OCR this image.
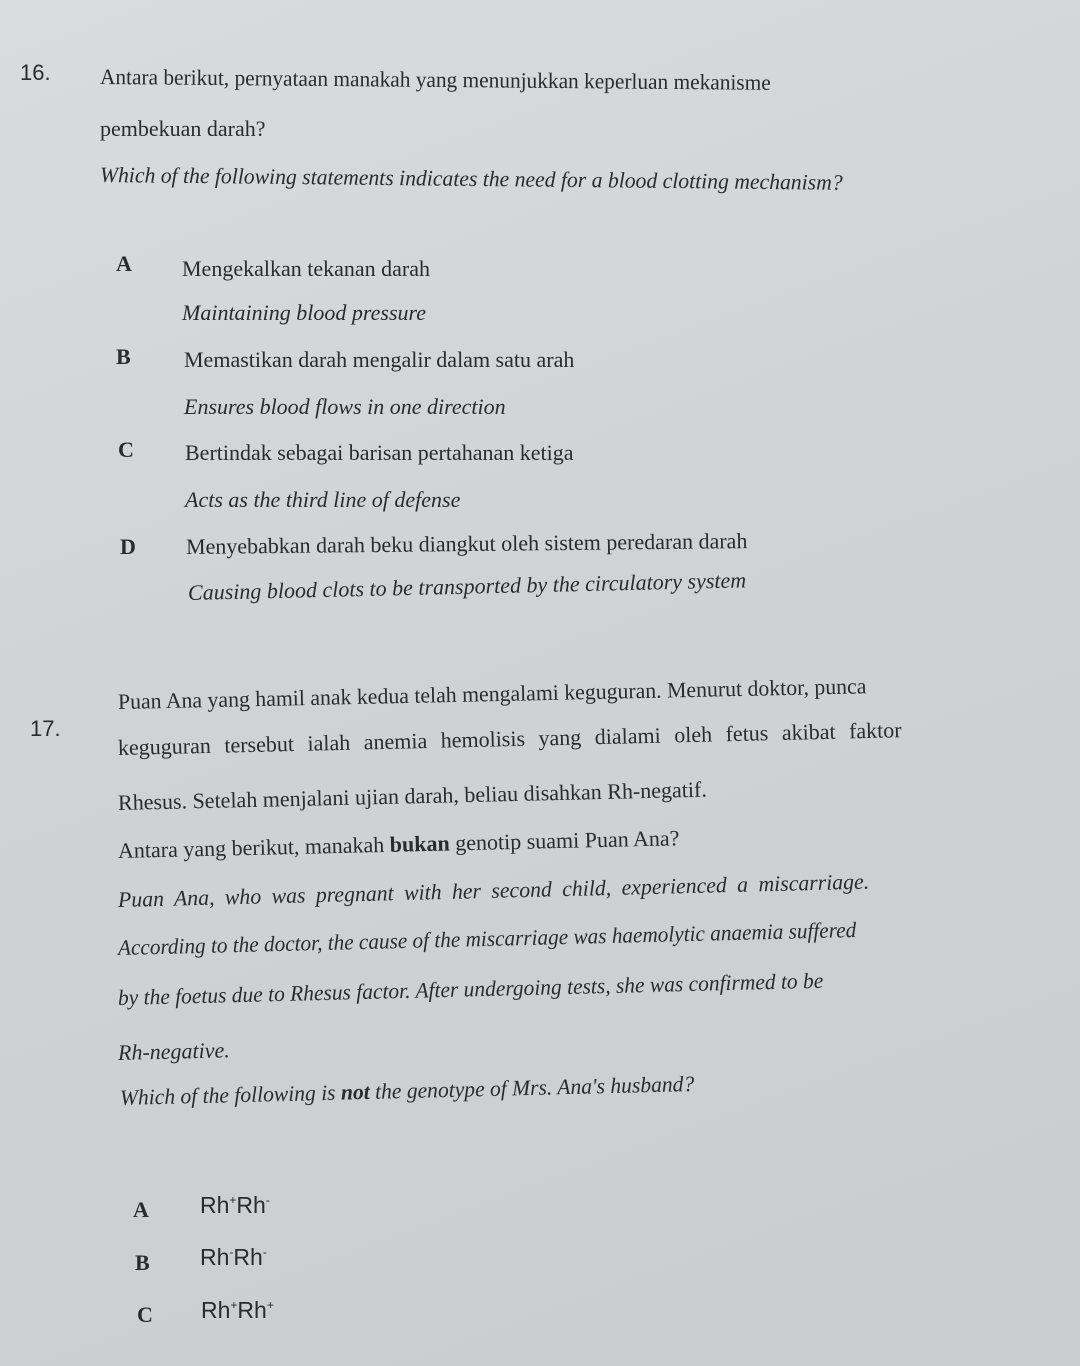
16. Antara berikut, pernyataan manakah yang menunjukkan keperluan mekanisme
pembekuan darah?
Which of the following statements indicates the need for a blood clotting mechanism?
A Mengekalkan tekanan darah
Maintaining blood pressure
B Memastikan darah mengalir dalam satu arah
Ensures blood flows in one direction
C Bertindak sebagai barisan pertahanan ketiga
Acts as the third line of defense
D Menyebabkan darah beku diangkut oleh sistem peredaran darah
Causing blood clots to be transported by the circulatory system
17.
Puan Ana yang hamil anak kedua telah mengalami keguguran. Menurut doktor, punca
keguguran tersebut ialah anemia hemolisis yang dialami oleh fetus akibat faktor
Rhesus. Setelah menjalani ujian darah, beliau disahkan Rh-negatif.
Antara yang berikut, manakah bukan genotip suami Puan Ana?
Puan Ana, who was pregnant with her second child, experienced a miscarriage.
According to the doctor, the cause of the miscarriage was haemolytic anaemia suffered
by the foetus due to Rhesus factor. After undergoing tests, she was confirmed to be
Rh-negative.
Which of the following is not the genotype of Mrs. Ana's husband?
A Rh+Rh-
B Rh-Rh-
C Rh+Rh+
